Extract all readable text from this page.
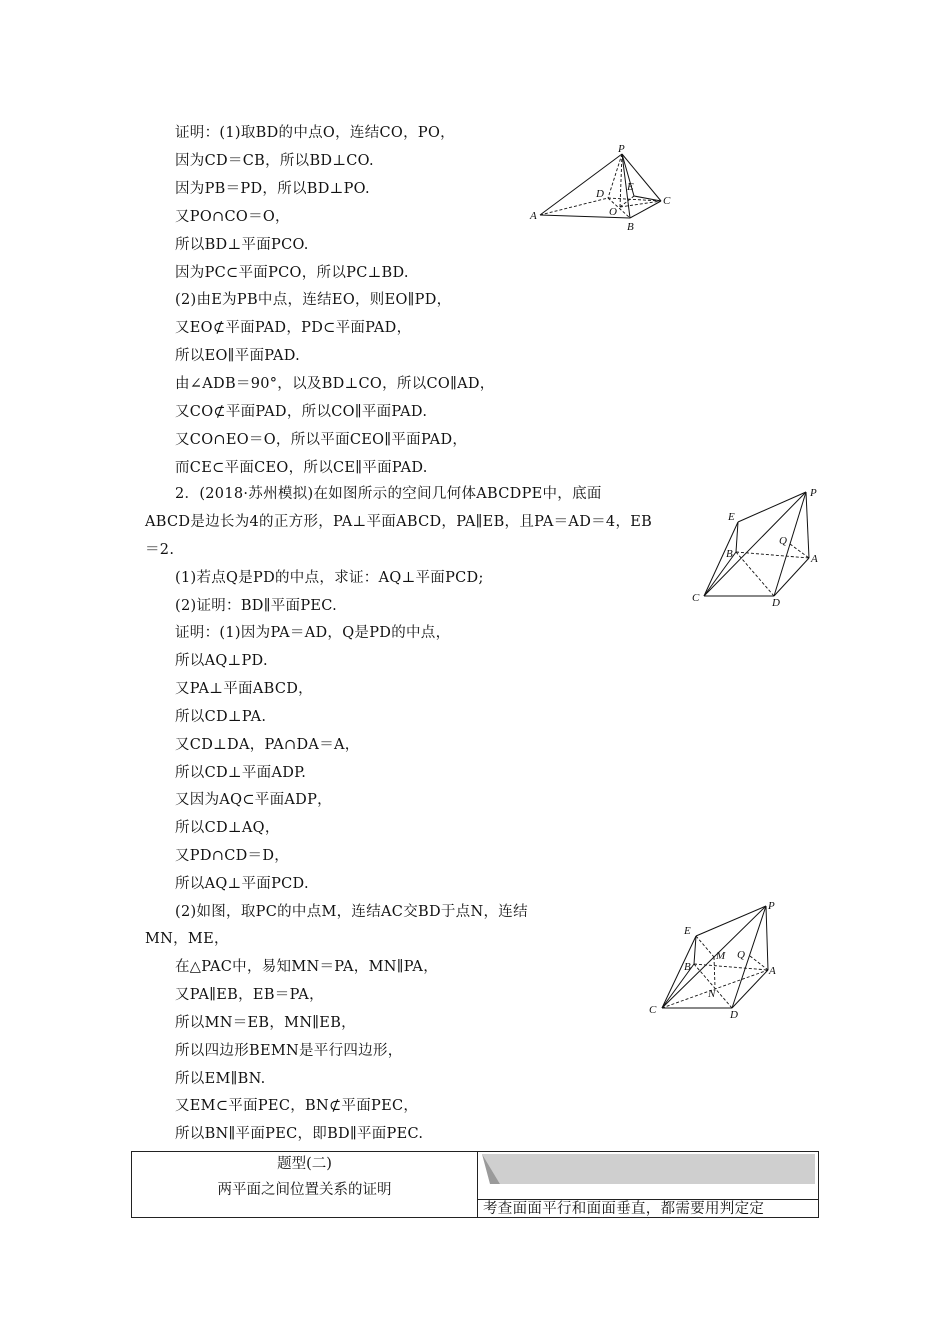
证明：(1)取BD的中点O，连结CO，PO，
因为CD＝CB，所以BD⊥CO.
因为PB＝PD，所以BD⊥PO.
又PO∩CO＝O，
所以BD⊥平面PCO.
因为PC⊂平面PCO，所以PC⊥BD.
(2)由E为PB中点，连结EO，则EO∥PD，
又EO⊄平面PAD，PD⊂平面PAD，
所以EO∥平面PAD.
由∠ADB＝90°，以及BD⊥CO，所以CO∥AD，
又CO⊄平面PAD，所以CO∥平面PAD.
又CO∩EO＝O，所以平面CEO∥平面PAD，
而CE⊂平面CEO，所以CE∥平面PAD.
2．(2018·苏州模拟)在如图所示的空间几何体ABCDPE中，底面
ABCD是边长为4的正方形，PA⊥平面ABCD，PA∥EB，且PA＝AD＝4，EB
＝2.
(1)若点Q是PD的中点，求证：AQ⊥平面PCD;
(2)证明：BD∥平面PEC.
证明：(1)因为PA＝AD，Q是PD的中点，
所以AQ⊥PD.
又PA⊥平面ABCD，
所以CD⊥PA.
又CD⊥DA，PA∩DA＝A，
所以CD⊥平面ADP.
又因为AQ⊂平面ADP，
所以CD⊥AQ，
又PD∩CD＝D，
所以AQ⊥平面PCD.
(2)如图，取PC的中点M，连结AC交BD于点N，连结
MN，ME，
在△PAC中，易知MN＝PA，MN∥PA，
又PA∥EB，EB＝PA，
所以MN＝EB，MN∥EB，
所以四边形BEMN是平行四边形，
所以EM∥BN.
又EM⊂平面PEC，BN⊄平面PEC，
所以BN∥平面PEC，即BD∥平面PEC.
P
D
E
C
A	O
B
P
E
B
Q
A
C	D
P
E
B
M Q
A
C
N
D
题型(二)
两平面之间位置关系的证明
考查面面平行和面面垂直，都需要用判定定
